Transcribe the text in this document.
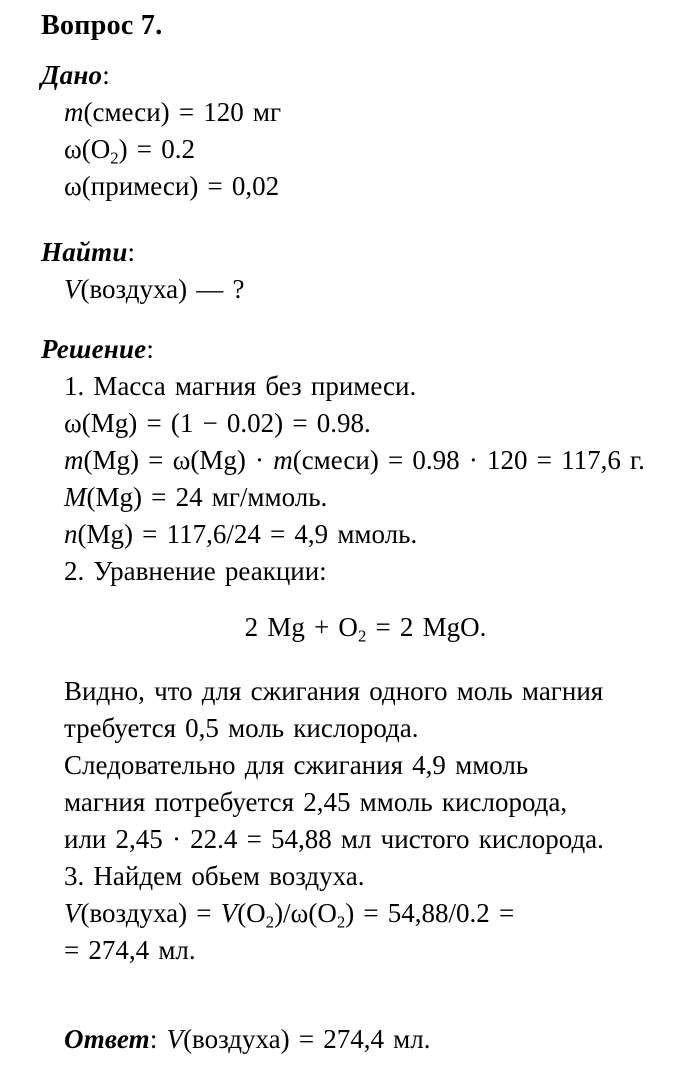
Вопрос 7.
Дано:
m(смеси) = 120 мг
$\omega(O_2) = 0.2$
ω(примеси) = 0,02
Найти:
V(воздуха) — ?
Решение:
1. Масса магния без примеси.
ω(Mg) = (1 − 0.02) = 0.98.
m(Mg) = ω(Mg) · m(смеси) = 0.98 · 120 = 117,6 г.
M(Mg) = 24 мг/ммоль.
n(Mg) = 117,6/24 = 4,9 ммоль.
2. Уравнение реакции:
2 $Mg + O_2 = 2$ MgO.
Видно, что для сжигания одного моль магния
требуется 0,5 моль кислорода.
Следовательно для сжигания 4,9 ммоль
магния потребуется 2,45 ммоль кислорода,
или 2,45 · 22.4 = 54,88 мл чистого кислорода.
3. Найдем обьем воздуха.
V(воздуха) = $V(O_2)/\omega(O_2) = 54,88/0.2$ =
= 274,4 мл.
Ответ: V(воздуха) = 274,4 мл.
